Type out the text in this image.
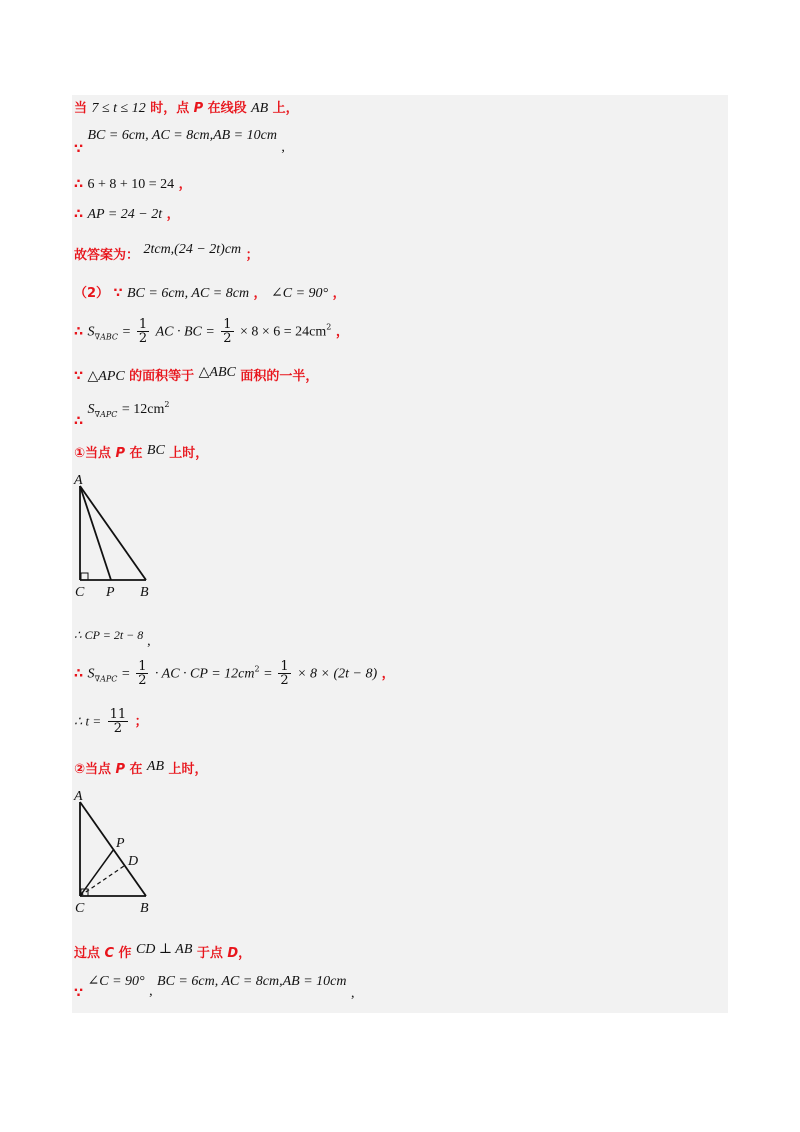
当 7 ≤ t ≤ 12 时，点 P 在线段 AB 上，
∵ BC = 6cm, AC = 8cm,AB = 10cm ,
∴ 6 + 8 + 10 = 24 ，
∴ AP = 24 − 2t ，
故答案为： 2tcm,(24 − 2t)cm ；
（2） ∵ BC = 6cm, AC = 8cm ， ∠C = 90° ，
∴ $S_{\nabla ABC} = \frac{1}{2}$ AC · BC = $\frac{1}{2} \times 8 \times 6 = 24cm^2$ ，
∵ △APC 的面积等于 △ABC 面积的一半，
∴ $S_{\nabla APC} = 12cm^2$
①当点 P 在 BC 上时，
A
C P B
∴ CP = 2t − 8 ,
∴ $S_{\nabla APC} = \frac{1}{2}$ · AC · CP = $12cm^2 = \frac{1}{2} \times 8 \times (2t - 8)$ ，
∴ $t = \frac{11}{2}$ ；
②当点 P 在 AB 上时，
A
P
D
C	B
过点 C 作 CD ⊥ AB 于点 D，
∵ ∠C = 90° , BC = 6cm, AC = 8cm,AB = 10cm ,
